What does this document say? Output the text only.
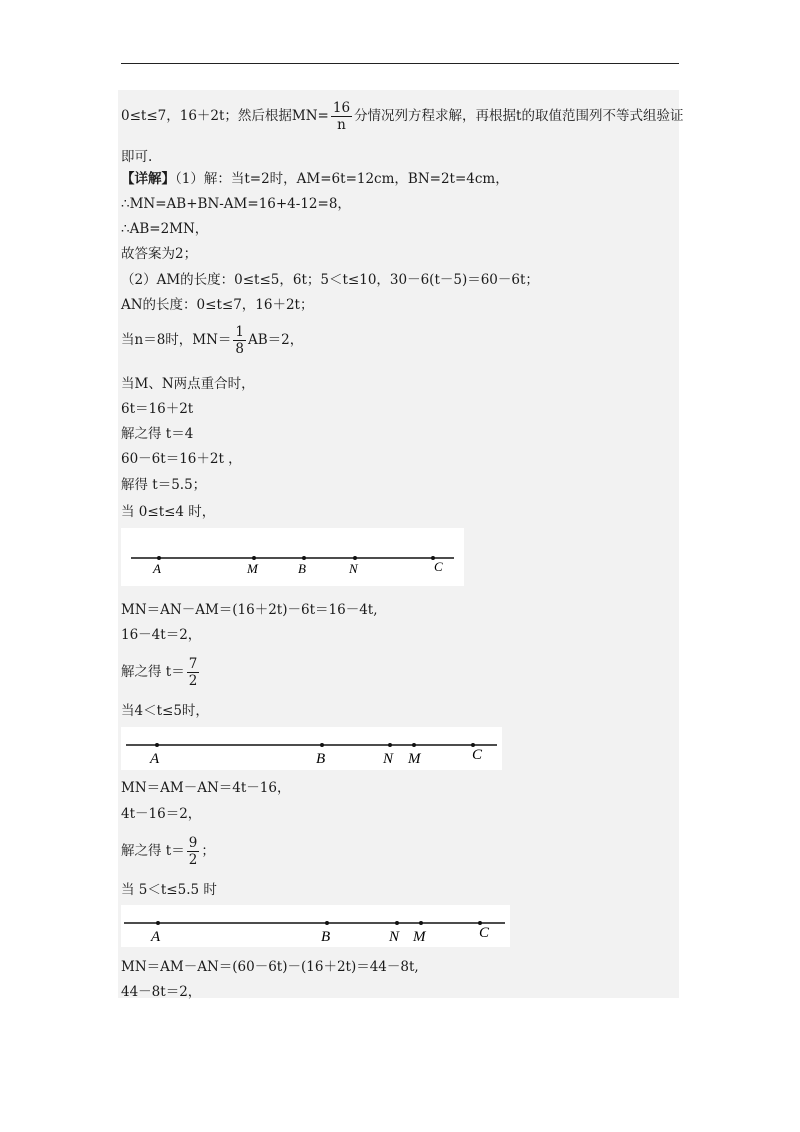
0≤t≤7，16＋2t；然后根据$MN= \frac{16}{n}$ 分情况列方程求解，再根据t的取值范围列不等式组验证
即可.
【详解】（1）解：当t=2时，AM=6t=12cm，BN=2t=4cm，
∴MN=AB+BN-AM=16+4-12=8，
∴AB=2MN，
故答案为2；
（2）AM的长度：0≤t≤5，6t；5＜t≤10，30－6(t－5)＝60－6t；
AN的长度：0≤t≤7，16＋2t；
当n＝8时，$MN= \frac{1}{8} AB=2$，
当M、N两点重合时，
6t＝16＋2t
解之得 t＝4
60－6t＝16＋2t ，
解得 t＝5.5；
当 0≤t≤4 时，
A	M	B	N	C
MN＝AN－AM＝(16＋2t)－6t＝16－4t,
16－4t＝2，
解之得 $t= \frac{7}{2}$
当4＜t≤5时，
A	B	N M	C
MN＝AM－AN＝4t－16，
4t－16＝2，
解之得 $t= \frac{9}{2}$ ；
当 5＜t≤5.5 时
A	B	N M	C
MN＝AM－AN＝(60－6t)－(16＋2t)＝44－8t,
44－8t＝2，
